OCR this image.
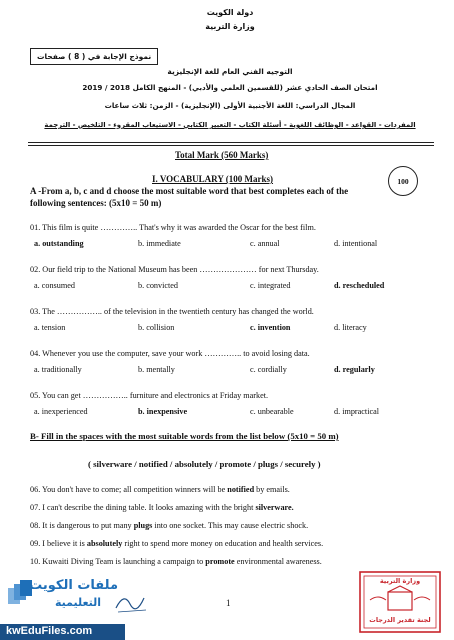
دولة الكويت
وزارة التربية
نموذج الإجابة في ( 8 ) صفحات
التوجيه الفني العام للغة الإنجليزية
امتحان الصف الحادي عشر (للقسمين العلمي والأدبي) - المنهج الكامل 2018 / 2019
المجال الدراسي: اللغة الأجنبية الأولى (الإنجليزية) - الزمن: ثلاث ساعات
المفردات - القواعد - الوظائف اللغوية - أسئلة الكتاب - التعبير الكتابي - الاستيعاب المقروء - التلخيص - الترجمة
Total Mark (560 Marks)
100
I. VOCABULARY (100 Marks)
A -From a, b, c and d choose the most suitable word that best completes each of the
following sentences: (5x10 = 50 m)
01. This film is quite ………….. That's why it was awarded the Oscar for the best film.
a. outstanding	b. immediate	c. annual	d. intentional
02. Our field trip to the National Museum has been ………………… for next Thursday.
a. consumed	b. convicted	c. integrated	d. rescheduled
03. The …………….. of the television in the twentieth century has changed the world.
a. tension	b. collision	c. invention	d. literacy
04. Whenever you use the computer, save your work ………….. to avoid losing data.
a. traditionally	b. mentally	c. cordially	d. regularly
05. You can get …………….. furniture and electronics at Friday market.
a. inexperienced	b. inexpensive	c. unbearable	d. impractical
B- Fill in the spaces with the most suitable words from the list below (5x10 = 50 m)
( silverware / notified / absolutely / promote / plugs / securely )
06. You don't have to come; all competition winners will be notified by emails.
07. I can't describe the dining table. It looks amazing with the bright silverware.
08. It is dangerous to put many plugs into one socket. This may cause electric shock.
09. I believe it is absolutely right to spend more money on education and health services.
10. Kuwaiti Diving Team is launching a campaign to promote environmental awareness.
1
ملفات الكويت
التعليمية
kwEduFiles.com
وزارة التربية
لجنة تقدير الدرجات
